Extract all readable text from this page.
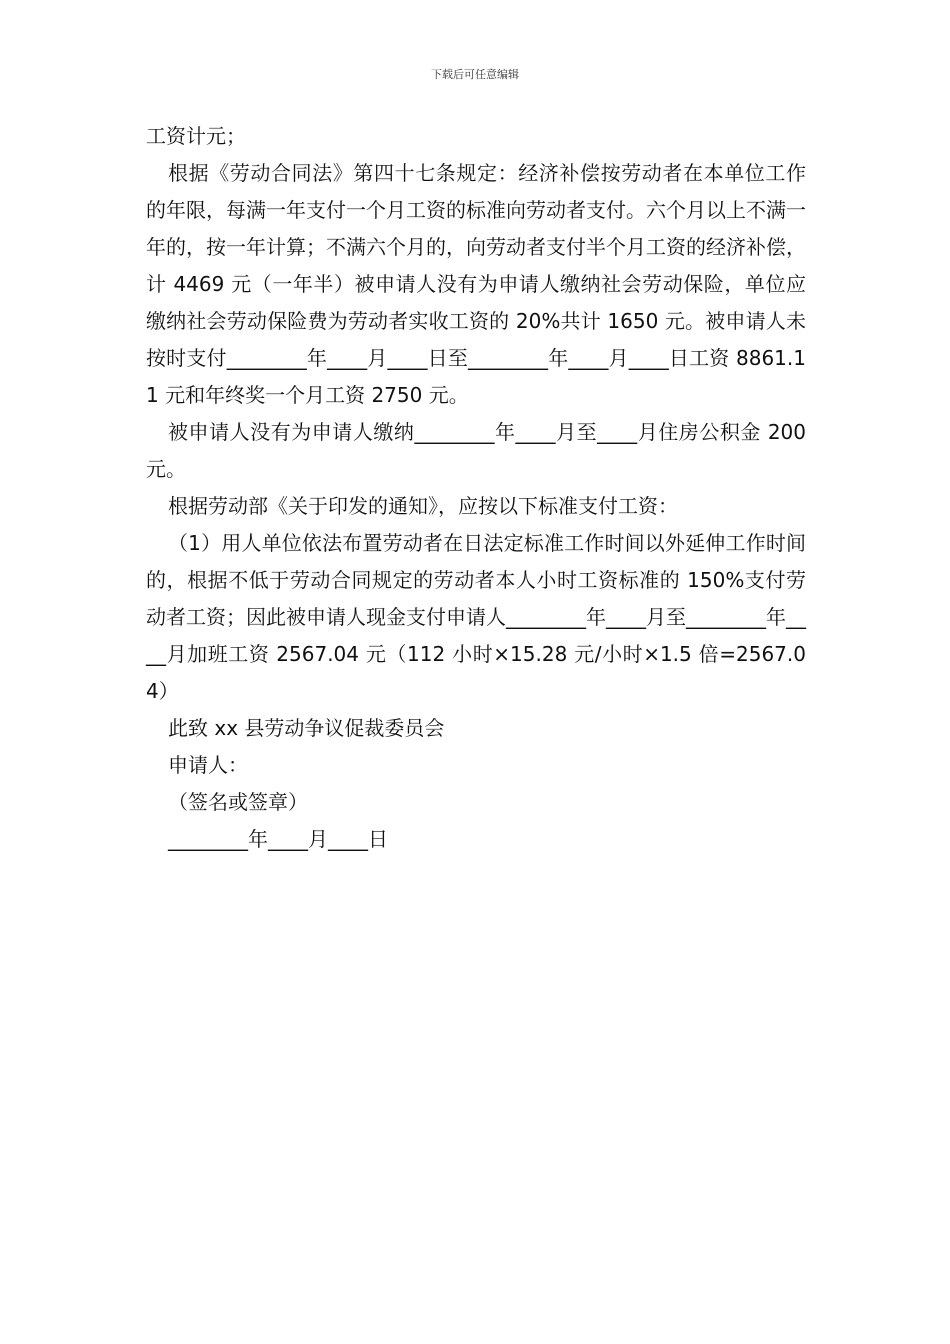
下载后可任意编辑

工资计元；

根据《劳动合同法》第四十七条规定：经济补偿按劳动者在本单位工作的年限，每满一年支付一个月工资的标准向劳动者支付。六个月以上不满一年的，按一年计算；不满六个月的，向劳动者支付半个月工资的经济补偿，计 4469 元（一年半）被申请人没有为申请人缴纳社会劳动保险，单位应缴纳社会劳动保险费为劳动者实收工资的 20%共计 1650 元。被申请人未按时支付________年____月____日至________年____月____日工资 8861.11 元和年终奖一个月工资 2750 元。

被申请人没有为申请人缴纳________年____月至____月住房公积金 200 元。

根据劳动部《关于印发的通知》，应按以下标准支付工资：

（1）用人单位依法布置劳动者在日法定标准工作时间以外延伸工作时间的，根据不低于劳动合同规定的劳动者本人小时工资标准的 150%支付劳动者工资；因此被申请人现金支付申请人________年____月至________年____月加班工资 2567.04 元（112 小时×15.28 元/小时×1.5 倍=2567.04）

此致 xx 县劳动争议促裁委员会

申请人：

（签名或签章）

________年____月____日
